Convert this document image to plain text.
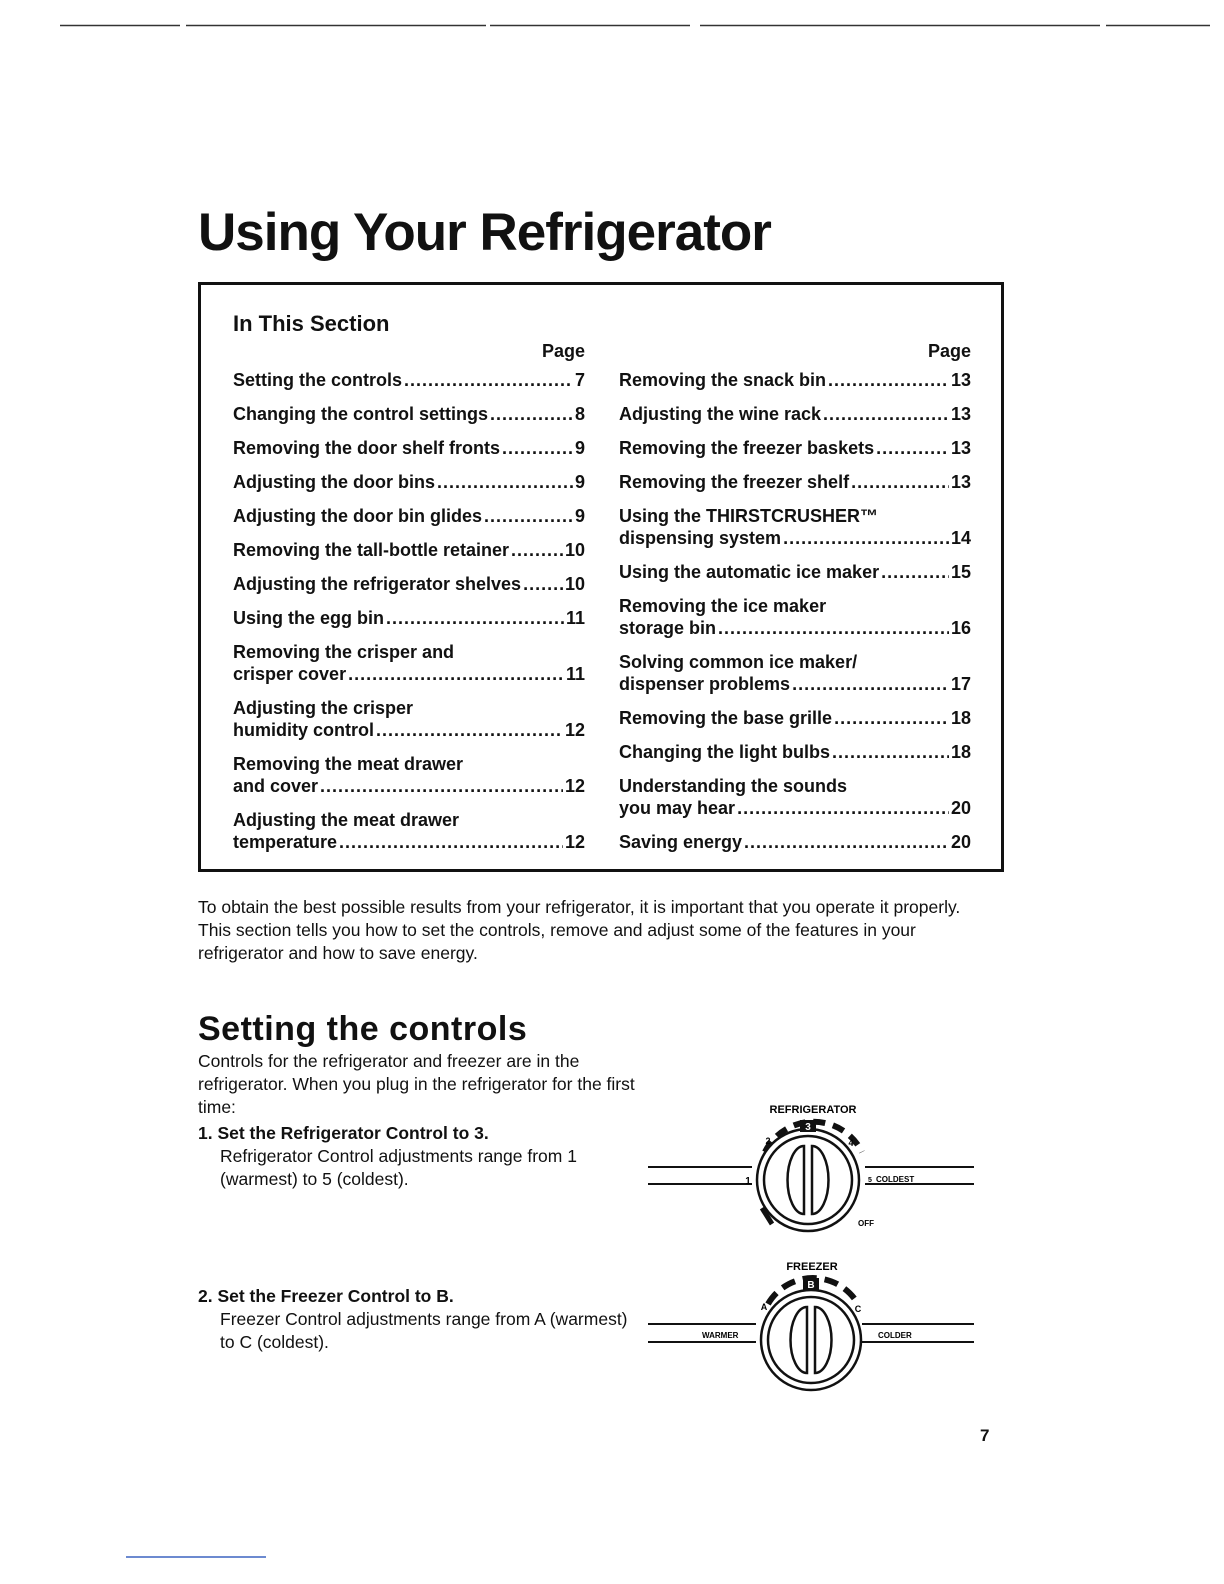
Using Your Refrigerator
In This Section
Page
Setting the controls .....	7
Changing the control settings .....	8
Removing the door shelf fronts .....	9
Adjusting the door bins .....	9
Adjusting the door bin glides .....	9
Removing the tall-bottle retainer .....	10
Adjusting the refrigerator shelves ..... 10
Using the egg bin .....	11
Removing the crisper and
crisper cover .....	11
Adjusting the crisper
humidity control .....	12
Removing the meat drawer
and cover .....	12
Adjusting the meat drawer
temperature .....	12
Page
Removing the snack bin .....	13
Adjusting the wine rack .....	13
Removing the freezer baskets .....	13
Removing the freezer shelf .....	13
Using the THIRSTCRUSHER™
dispensing system .....	14
Using the automatic ice maker .....	15
Removing the ice maker
storage bin .....	16
Solving common ice maker/
dispenser problems .....	17
Removing the base grille .....	18
Changing the light bulbs .....	18
Understanding the sounds
you may hear .....	20
Saving energy .....	20

To obtain the best possible results from your refrigerator, it is important that you operate it properly. This section tells you how to set the controls, remove and adjust some of the features in your refrigerator and how to save energy.

Setting the controls

Controls for the refrigerator and freezer are in the refrigerator. When you plug in the refrigerator for the first time:

1. Set the Refrigerator Control to 3.
Refrigerator Control adjustments range from 1 (warmest) to 5 (coldest).
2. Set the Freezer Control to B.
Freezer Control adjustments range from A (warmest) to C (coldest).
REFRIGERATOR
3
2	4
1	5 COLDEST
OFF
FREEZER
B
A	C
WARMER	COLDER
7
